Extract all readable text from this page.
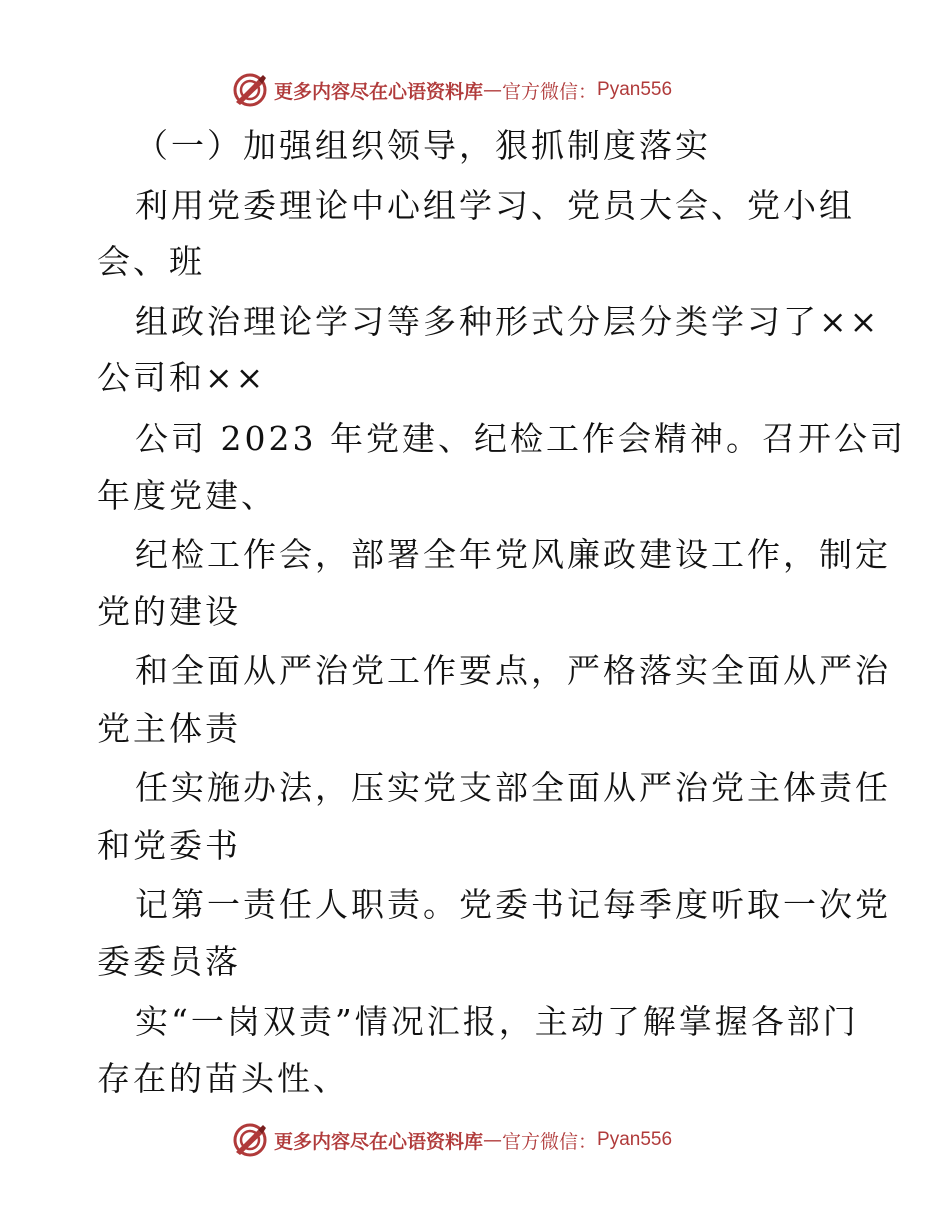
更多内容尽在心语资料库 — 官方微信： Pyan556
（一）加强组织领导，狠抓制度落实
利用党委理论中心组学习、党员大会、党小组
会、班
组政治理论学习等多种形式分层分类学习了××
公司和××
公司 2023 年党建、纪检工作会精神。召开公司
年度党建、
纪检工作会，部署全年党风廉政建设工作，制定
党的建设
和全面从严治党工作要点，严格落实全面从严治
党主体责
任实施办法，压实党支部全面从严治党主体责任
和党委书
记第一责任人职责。党委书记每季度听取一次党
委委员落
实“一岗双责”情况汇报，主动了解掌握各部门
存在的苗头性、
更多内容尽在心语资料库 — 官方微信： Pyan556
